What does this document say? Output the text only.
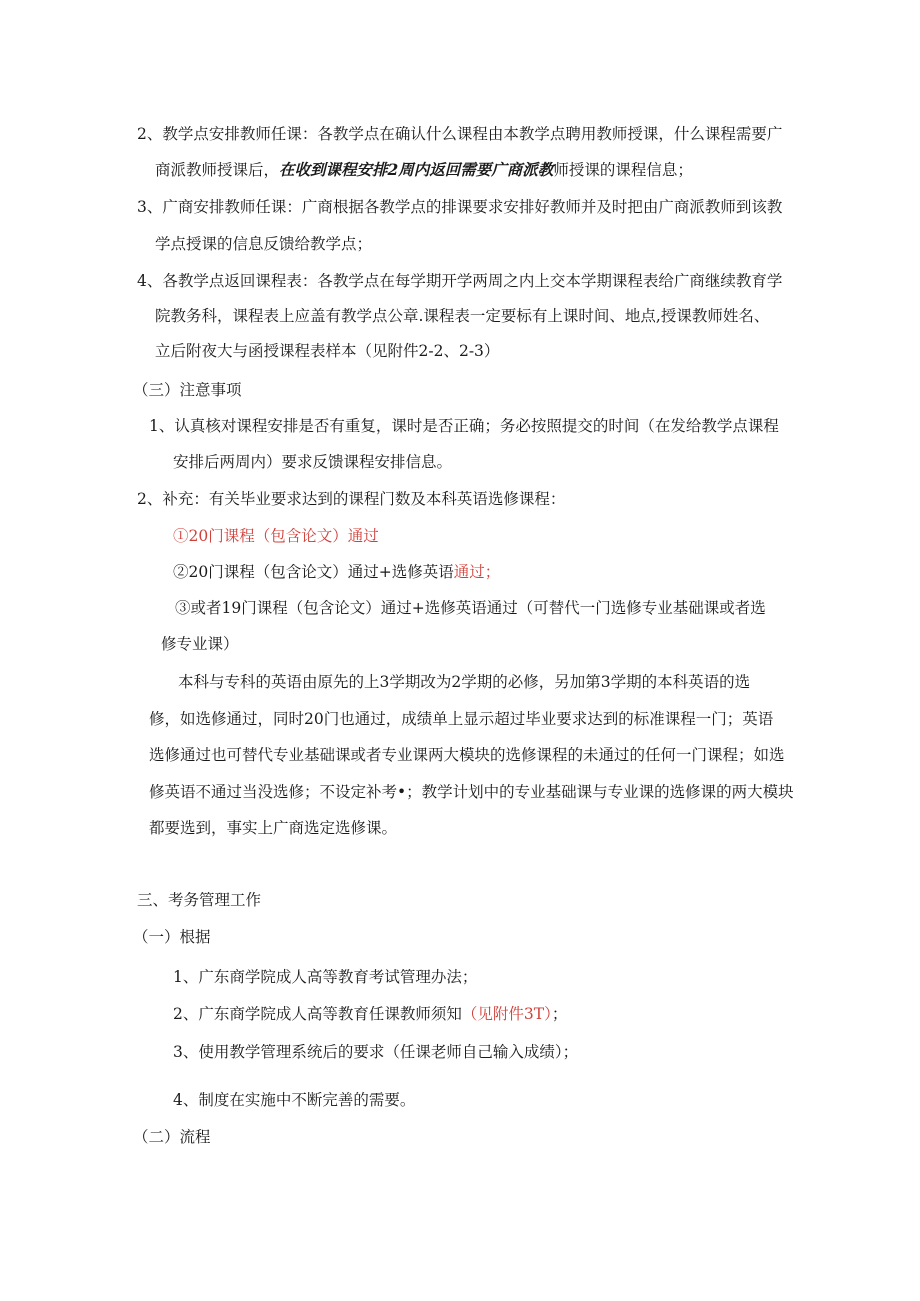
2、教学点安排教师任课：各教学点在确认什么课程由本教学点聘用教师授课，什么课程需要广
商派教师授课后，在收到课程安排2周内返回需要广商派教师授课的课程信息；
3、广商安排教师任课：广商根据各教学点的排课要求安排好教师并及时把由广商派教师到该教
学点授课的信息反馈给教学点；
4、各教学点返回课程表：各教学点在每学期开学两周之内上交本学期课程表给广商继续教育学
院教务科，课程表上应盖有教学点公章.课程表一定要标有上课时间、地点,授课教师姓名、
立后附夜大与函授课程表样本（见附件2-2、2-3）
（三）注意事项
1、认真核对课程安排是否有重复，课时是否正确；务必按照提交的时间（在发给教学点课程
安排后两周内）要求反馈课程安排信息。
2、补充：有关毕业要求达到的课程门数及本科英语选修课程：
①20门课程（包含论文）通过
②20门课程（包含论文）通过+选修英语通过；
③或者19门课程（包含论文）通过+选修英语通过（可替代一门选修专业基础课或者选
修专业课）
本科与专科的英语由原先的上3学期改为2学期的必修，另加第3学期的本科英语的选
修，如选修通过，同时20门也通过，成绩单上显示超过毕业要求达到的标准课程一门；英语
选修通过也可替代专业基础课或者专业课两大模块的选修课程的未通过的任何一门课程；如选
修英语不通过当没选修；不设定补考•；教学计划中的专业基础课与专业课的选修课的两大模块
都要选到，事实上广商选定选修课。
三、考务管理工作
（一）根据
1、广东商学院成人高等教育考试管理办法；
2、广东商学院成人高等教育任课教师须知（见附件3T）；
3、使用教学管理系统后的要求（任课老师自己输入成绩）；
4、制度在实施中不断完善的需要。
（二）流程
